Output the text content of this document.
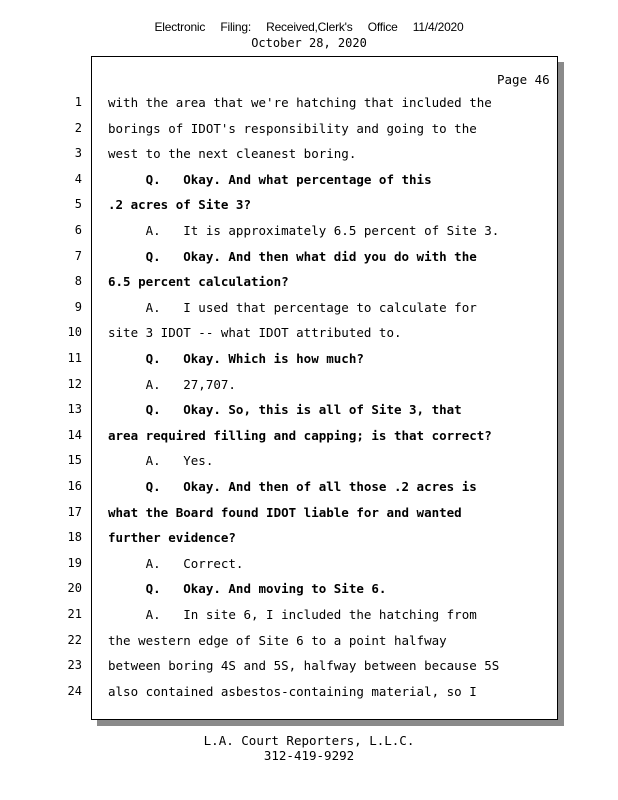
Electronic Filing: Received,Clerk's Office 11/4/2020
October 28, 2020
Page 46
1 with the area that we're hatching that included the
2 borings of IDOT's responsibility and going to the
3 west to the next cleanest boring.
4 Q.   Okay. And what percentage of this
5 .2 acres of Site 3?
6 A.   It is approximately 6.5 percent of Site 3.
7 Q.   Okay. And then what did you do with the
8 6.5 percent calculation?
9 A.   I used that percentage to calculate for
10 site 3 IDOT -- what IDOT attributed to.
11 Q.   Okay. Which is how much?
12 A.   27,707.
13 Q.   Okay. So, this is all of Site 3, that
14 area required filling and capping; is that correct?
15 A.   Yes.
16 Q.   Okay. And then of all those .2 acres is
17 what the Board found IDOT liable for and wanted
18 further evidence?
19 A.   Correct.
20 Q.   Okay. And moving to Site 6.
21 A.   In site 6, I included the hatching from
22 the western edge of Site 6 to a point halfway
23 between boring 4S and 5S, halfway between because 5S
24 also contained asbestos-containing material, so I
L.A. Court Reporters, L.L.C.
312-419-9292
